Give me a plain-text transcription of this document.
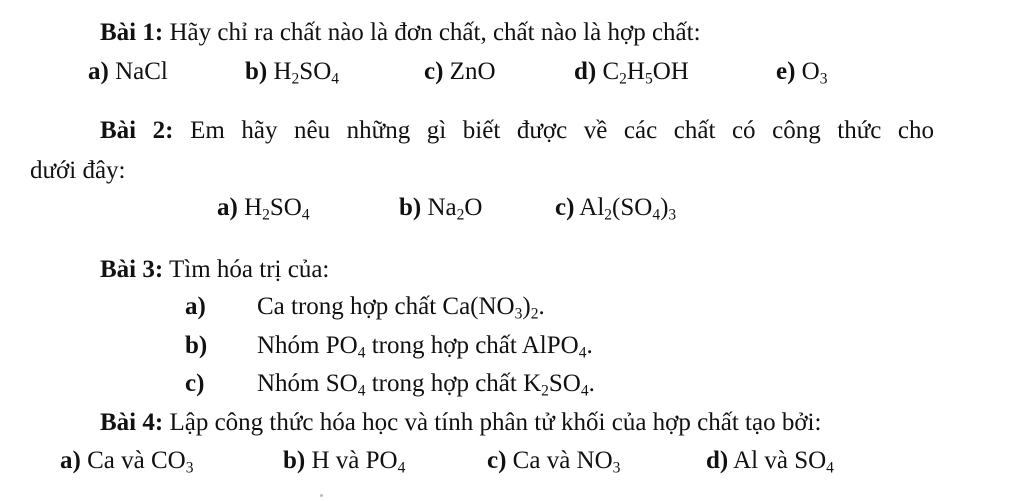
Bài 1: Hãy chỉ ra chất nào là đơn chất, chất nào là hợp chất:
a) NaCl	b) $H_2SO_4$	c) ZnO	d) $C_2H_5OH$	e) $O_3$
Bài 2: Em hãy nêu những gì biết được về các chất có công thức cho
dưới đây:
a) $H_2SO_4$	b) $Na_2O$	c) $Al_2(SO_4)_3$
Bài 3: Tìm hóa trị của:
a) Ca trong hợp chất $Ca(NO_3)_2$.
b) Nhóm $PO_4$ trong hợp chất AlPO$_4$.
c) Nhóm $SO_4$ trong hợp chất $K_2SO_4$.
Bài 4: Lập công thức hóa học và tính phân tử khối của hợp chất tạo bởi:
a) Ca và $CO_3$	b) H và $PO_4$	c) Ca và $NO_3$	d) Al và $SO_4$
